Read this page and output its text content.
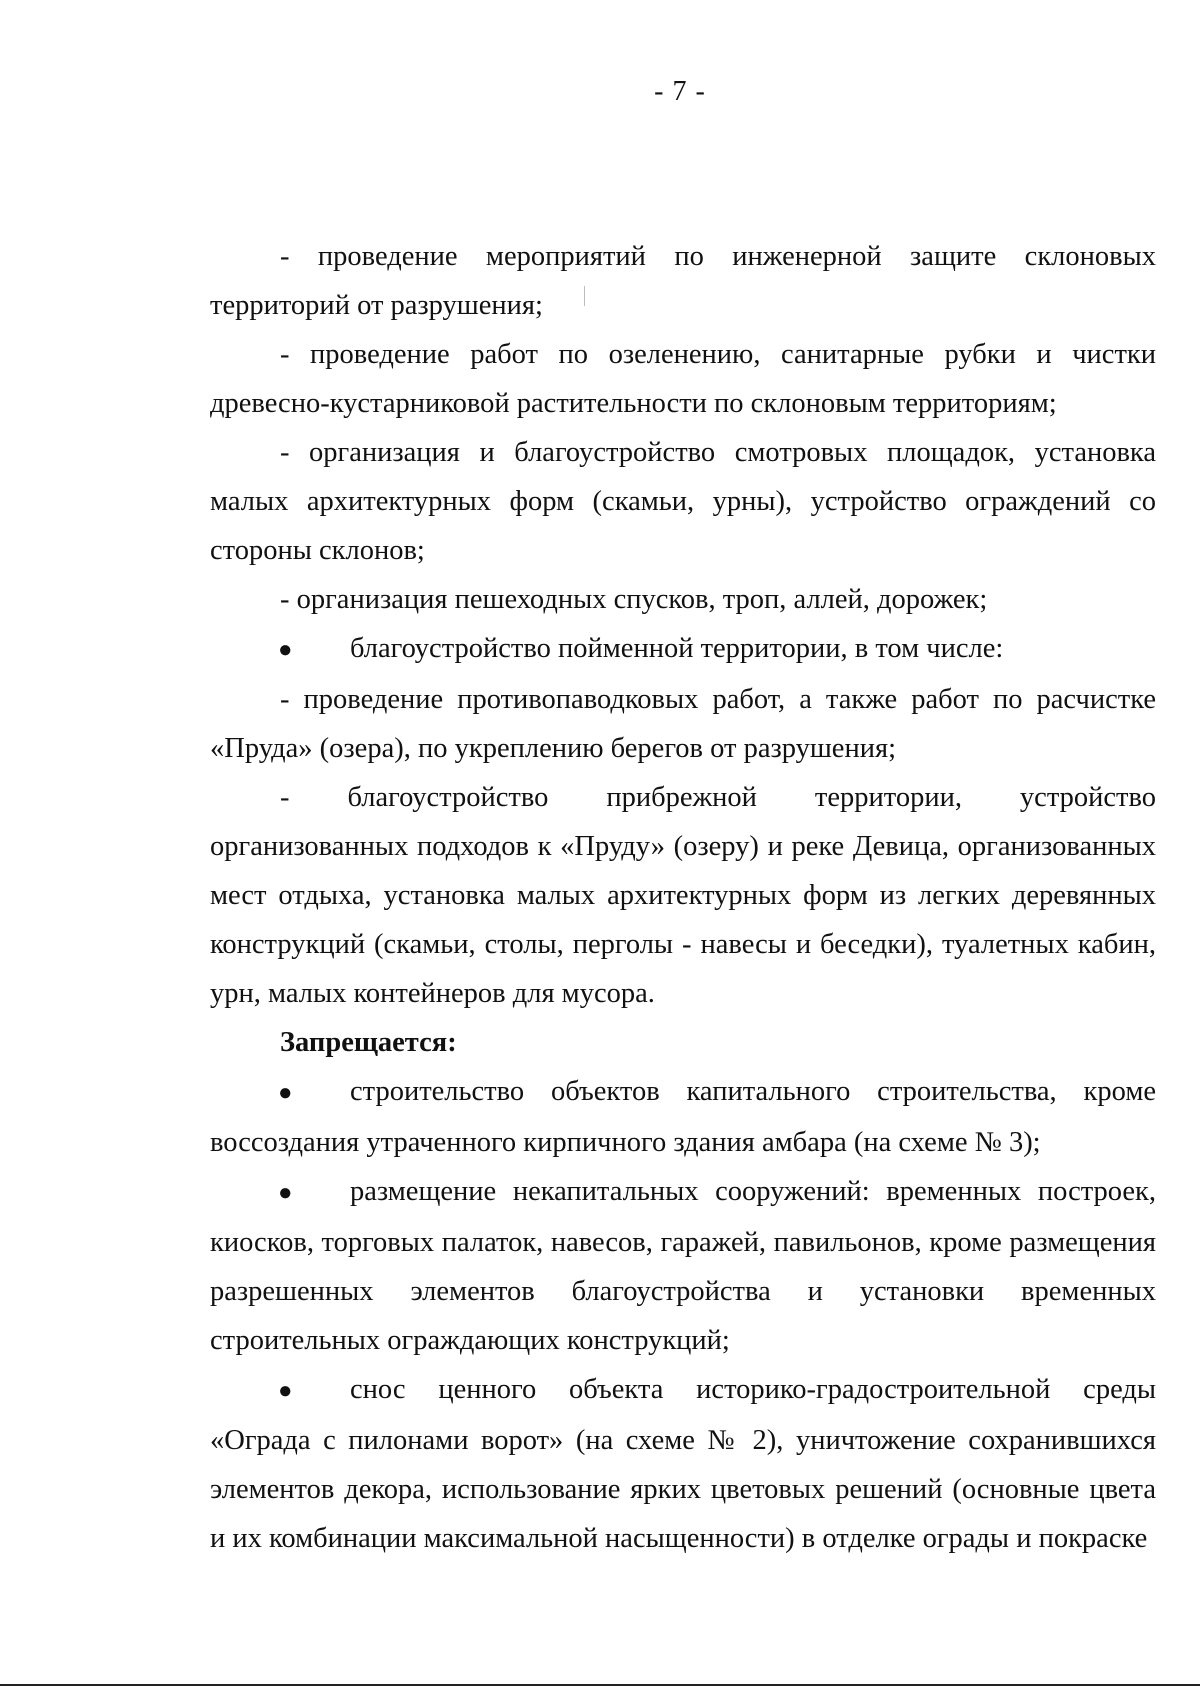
- 7 -

- проведение мероприятий по инженерной защите склоновых территорий от разрушения;

- проведение работ по озеленению, санитарные рубки и чистки древесно-кустарниковой растительности по склоновым территориям;

- организация и благоустройство смотровых площадок, установка малых архитектурных форм (скамьи, урны), устройство ограждений со стороны склонов;

- организация пешеходных спусков, троп, аллей, дорожек;

● благоустройство пойменной территории, в том числе:

- проведение противопаводковых работ, а также работ по расчистке «Пруда» (озера), по укреплению берегов от разрушения;

- благоустройство прибрежной территории, устройство организованных подходов к «Пруду» (озеру) и реке Девица, организованных мест отдыха, установка малых архитектурных форм из легких деревянных конструкций (скамьи, столы, перголы - навесы и беседки), туалетных кабин, урн, малых контейнеров для мусора.

Запрещается:

● строительство объектов капитального строительства, кроме воссоздания утраченного кирпичного здания амбара (на схеме № 3);

● размещение некапитальных сооружений: временных построек, киосков, торговых палаток, навесов, гаражей, павильонов, кроме размещения разрешенных элементов благоустройства и установки временных строительных ограждающих конструкций;

● снос ценного объекта историко-градостроительной среды «Ограда с пилонами ворот» (на схеме № 2), уничтожение сохранившихся элементов декора, использование ярких цветовых решений (основные цвета и их комбинации максимальной насыщенности) в отделке ограды и покраске
